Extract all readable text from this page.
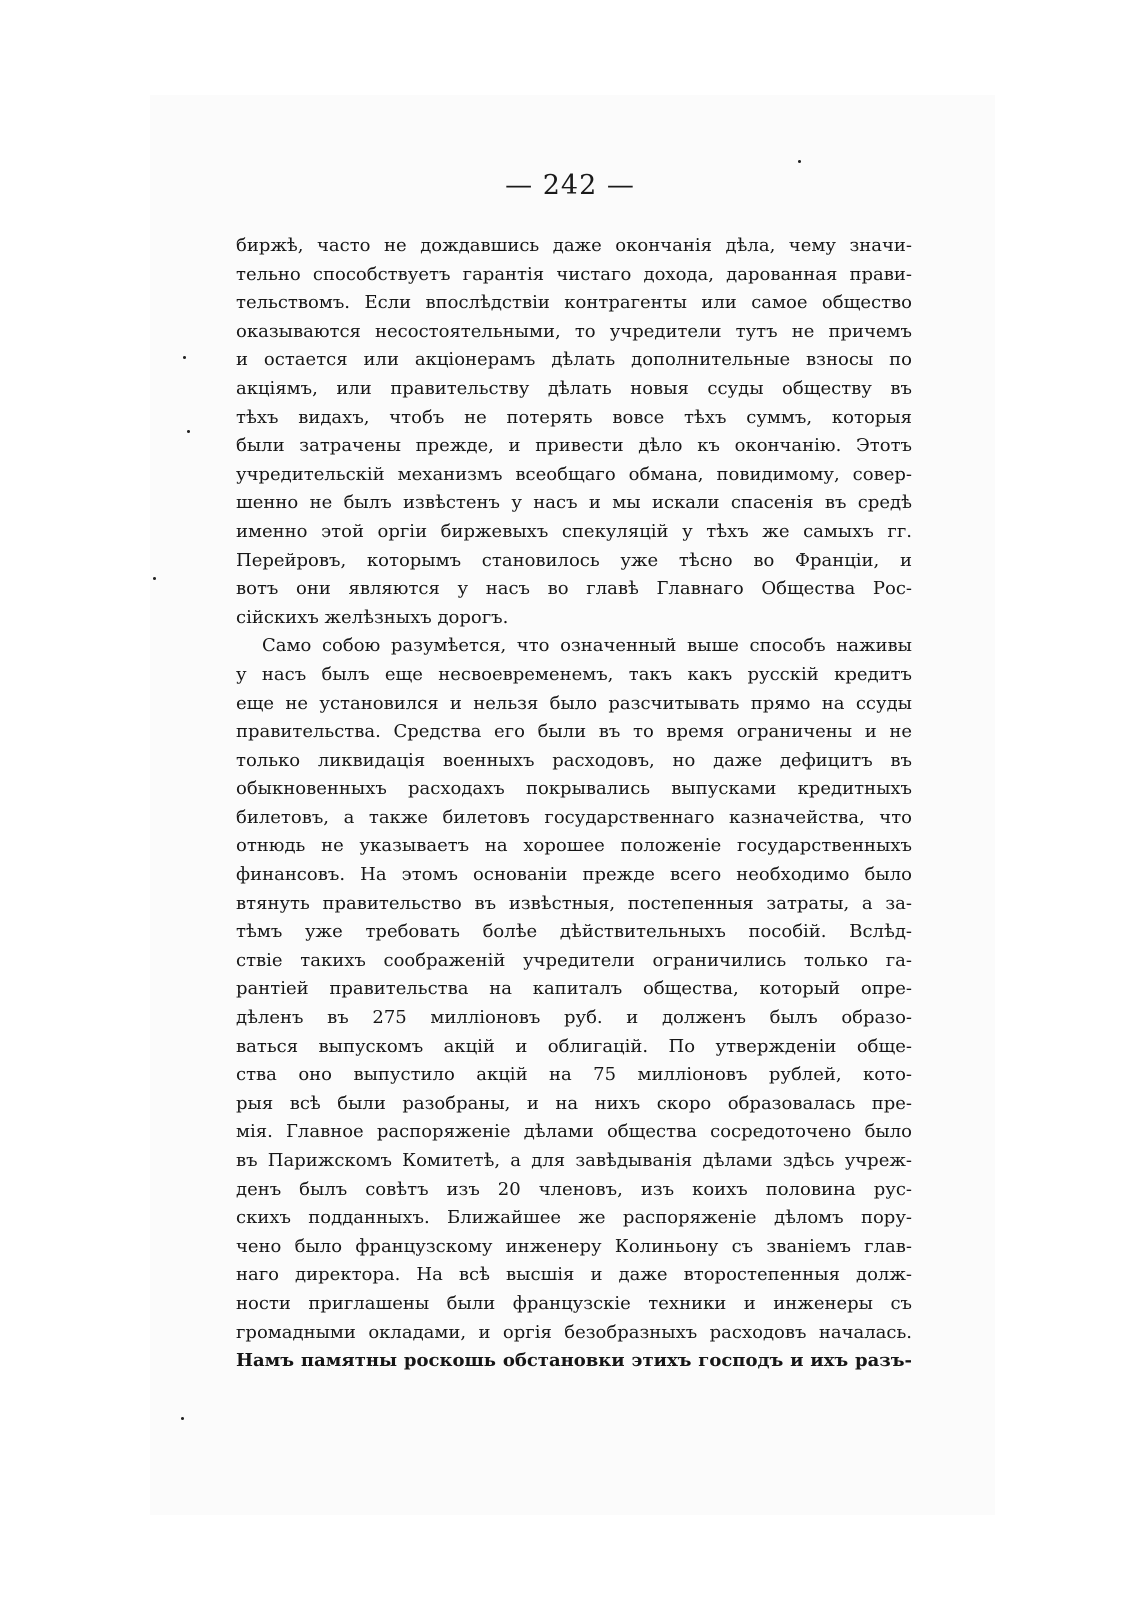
— 242 —
биржѣ, часто не дождавшись даже окончанія дѣла, чему значи-
тельно способствуетъ гарантія чистаго дохода, дарованная прави-
тельствомъ. Если впослѣдствіи контрагенты или самое общество
оказываются несостоятельными, то учредители тутъ не причемъ
и остается или акціонерамъ дѣлать дополнительные взносы по
акціямъ, или правительству дѣлать новыя ссуды обществу въ
тѣхъ видахъ, чтобъ не потерять вовсе тѣхъ суммъ, которыя
были затрачены прежде, и привести дѣло къ окончанію. Этотъ
учредительскій механизмъ всеобщаго обмана, повидимому, совер-
шенно не былъ извѣстенъ у насъ и мы искали спасенія въ средѣ
именно этой оргіи биржевыхъ спекуляцій у тѣхъ же самыхъ гг.
Перейровъ, которымъ становилось уже тѣсно во Франціи, и
вотъ они являются у насъ во главѣ Главнаго Общества Рос-
сійскихъ желѣзныхъ дорогъ.
Само собою разумѣется, что означенный выше способъ наживы
у насъ былъ еще несвоевременемъ, такъ какъ русскій кредитъ
еще не установился и нельзя было разсчитывать прямо на ссуды
правительства. Средства его были въ то время ограничены и не
только ликвидація военныхъ расходовъ, но даже дефицитъ въ
обыкновенныхъ расходахъ покрывались выпусками кредитныхъ
билетовъ, а также билетовъ государственнаго казначейства, что
отнюдь не указываетъ на хорошее положеніе государственныхъ
финансовъ. На этомъ основаніи прежде всего необходимо было
втянуть правительство въ извѣстныя, постепенныя затраты, а за-
тѣмъ уже требовать болѣе дѣйствительныхъ пособій. Вслѣд-
ствіе такихъ соображеній учредители ограничились только га-
рантіей правительства на капиталъ общества, который опре-
дѣленъ въ 275 милліоновъ руб. и долженъ былъ образо-
ваться выпускомъ акцій и облигацій. По утвержденіи обще-
ства оно выпустило акцій на 75 милліоновъ рублей, кото-
рыя всѣ были разобраны, и на нихъ скоро образовалась пре-
мія. Главное распоряженіе дѣлами общества сосредоточено было
въ Парижскомъ Комитетѣ, а для завѣдыванія дѣлами здѣсь учреж-
денъ былъ совѣтъ изъ 20 членовъ, изъ коихъ половина рус-
скихъ подданныхъ. Ближайшее же распоряженіе дѣломъ пору-
чено было французскому инженеру Колиньону съ званіемъ глав-
наго директора. На всѣ высшія и даже второстепенныя долж-
ности приглашены были французскіе техники и инженеры съ
громадными окладами, и оргія безобразныхъ расходовъ началась.
Намъ памятны роскошь обстановки этихъ господъ и ихъ разъ-
